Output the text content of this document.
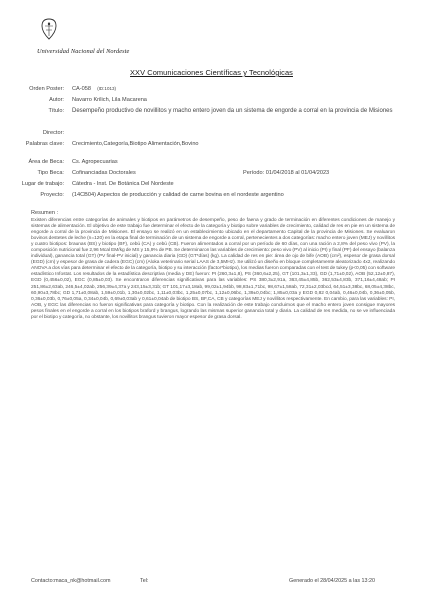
Universidad Nacional del Nordeste
XXV Comunicaciones Científicas y Tecnológicas
Orden Poster: CA-058 (ID:1013)
Autor: Navarro Krilich, Lila Macarena
Título: Desempeño productivo de novillitos y macho entero joven da un sistema de engorde a corral en la provincia de Misiones
Director:
Palabras clave: Crecimiento,Categoría,Biotipo Alimentación,Bovino
Área de Beca: Cs. Agropecuarias
Tipo Beca: Cofinanciadas Doctorales	Período: 01/04/2018 al 01/04/2023
Lugar de trabajo: Cátedra - Inst. De Botánica Del Nordeste
Proyecto: (14CB04) Aspectos de producción y calidad de carne bovina en el nordeste argentino
Resumen :
Existen diferencias entre categorías de animales y biotipos en parámetros de desempeño, peso de faena y grado de terminación en diferentes condiciones de manejo y sistemas de alimentación. El objetivo de este trabajo fue determinar el efecto de la categoría y biotipo sobre variables de crecimiento, calidad de res en pie en un sistema de engorde a corral de la provincia de Misiones. El ensayo se realizó en un establecimiento ubicado en el departamento Capital de la provincia de Misiones. Se evaluaron bovinos destetes de leche (n=120) en la etapa final de terminación de un sistema de engorde a corral, pertenecientes a dos categorías: macho entero joven (MEJ) y novillitos y cuatro biotipos: braunas (BS) y biotipo (BF), cebú (CA) y cebú (CB). Fueron alimentados a corral por un período de 60 días, con una ración a 2,8% del peso vivo (PV), la composición nutricional fue 2,96 Mcal EM/kg de MS y 15,9% de PB. Se determinaron las variables de crecimiento: peso vivo (PV) al inicio (PI) y final (PF) del ensayo (balanza individual), ganancia total (GT) (PV final-PV inicial) y ganancia diaria (GD) (GT*días) (kg). La calidad de res en pie: área de ojo de bife (AOB) (cm²), espesor de grasa dorsal (EGD) (cm) y espesor de grasa de cadera (EGC) (cm) (Aloka veterinario serial LAAS de 3,5MHz). Se utilizó un diseño en bloque completamente aleatorizado 4x2, realizando ANOVA a dos vías para determinar el efecto de la categoría, biotipo y su interacción (factor*biotipo), los medias fueron comparadas con el test de tukey (p<0,05) con software estadístico Infostat. Los resultados de la estadística descriptiva (media y DE) fueron: PI (260,3±1,8), PS (360,6±2,25), GT (101,3±1,33), GD (1,71±0,02), AOB (52,12±0,87), EGD (0,456±0,02), EGC (0,85±0,03). Se encontraron diferencias significativas para las variables: PS 380,3±2,91a, 363,45±4,85b, 362,53±4,83b, 371,16±4,48ab; PI 251,86±2,63ab, 246,5±4,02ab, 256,39±4,37a y 243,15±3,31b; GT 101,17±3,18ab, 99,02±1,94bb, 98,83±1,71bc, 98,67±1,58ab, 72,31±2,03bcd, 64,51±3,38bc, 68,05±4,38bc, 60,90±3,78bc; GD 1,71±0,08ab, 1,59±0,01b, 1,30±0,02bc, 1,11±0,03bc, 1,25±0,07bc, 1,12±0,06bc, 1,39±0,04bc; 1,85±0,03a y EGD 0,82 0,04ab, 0,46±0,04b, 0,36±0,05b, 0,36±0,03b, 0,76±0,05a, 0,34±0,04b, 0,69±0,03ab y 0,61±0,04ab de biotipo BS, BF,CA, CB y categorías MEJ y novillitos respectivamente. En cambio, para las variables: PI, AOB, y EGC las diferencias no fueron significativas para categoría y biotipo. Con la realización de este trabajo concluimos que el macho entero joven consigue mayores pesos finales en el engorde a corral en los biotipos braford y brangus, logrando las mismas superior ganancia total y diaria. La calidad de res medida, no se ve influenciada por el biotipo y categoría, no obstante, los novillitos brangus tuvieron mayor espesor de grasa dorsal.
Contacto:maca_nk@hotmail.com	Tel:	Generado el 28/04/2025 a las 13:20
